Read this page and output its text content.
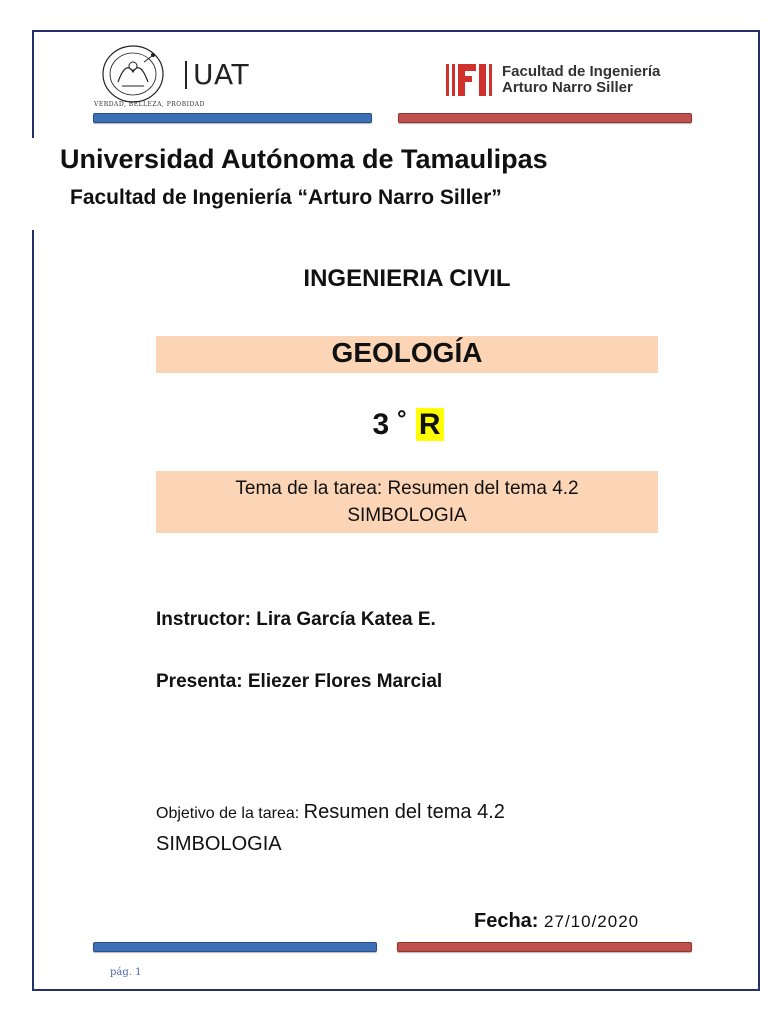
VERDAD, BELLEZA, PROBIDAD
UAT	Facultad de Ingeniería
Arturo Narro Siller
Universidad Autónoma de Tamaulipas
Facultad de Ingeniería “Arturo Narro Siller”
INGENIERIA CIVIL
GEOLOGÍA
3 ˚ R
Tema de la tarea: Resumen del tema 4.2
SIMBOLOGIA
Instructor: Lira García Katea E.
Presenta: Eliezer Flores Marcial
Objetivo de la tarea: Resumen del tema 4.2
SIMBOLOGIA
Fecha: 27/10/2020
pág. 1
